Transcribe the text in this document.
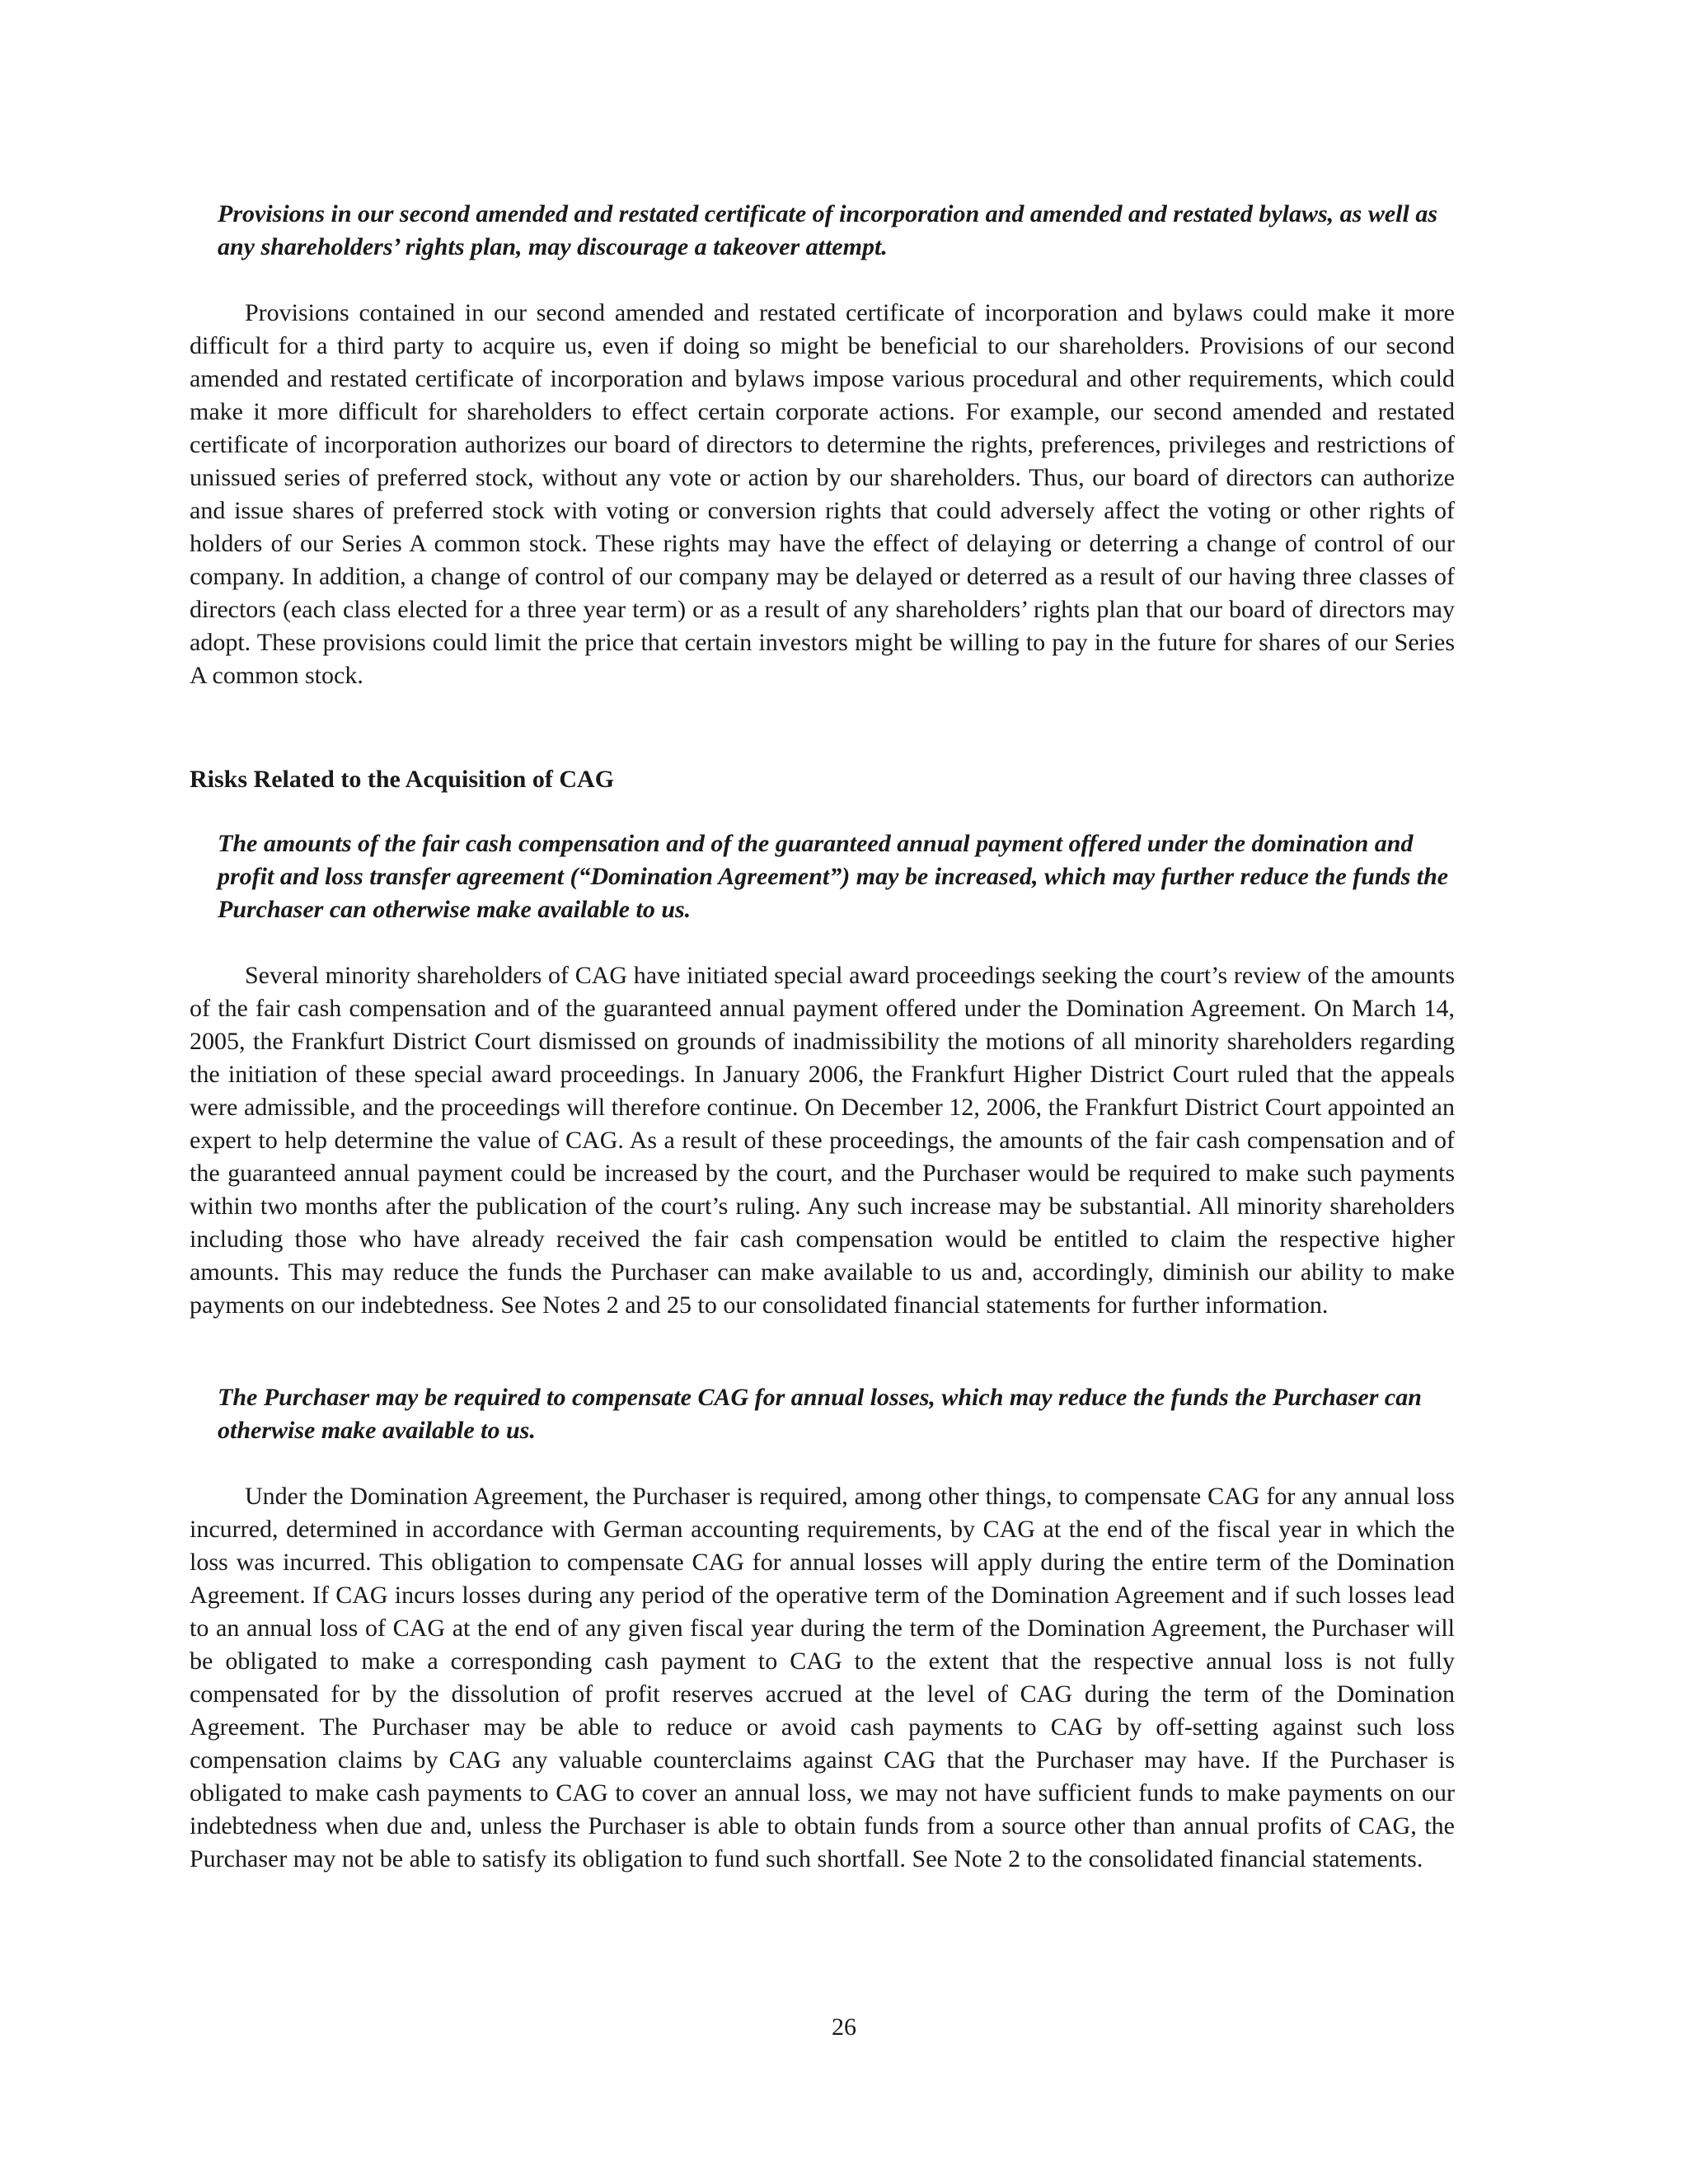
Provisions in our second amended and restated certificate of incorporation and amended and restated bylaws, as well as any shareholders’ rights plan, may discourage a takeover attempt.

Provisions contained in our second amended and restated certificate of incorporation and bylaws could make it more difficult for a third party to acquire us, even if doing so might be beneficial to our shareholders. Provisions of our second amended and restated certificate of incorporation and bylaws impose various procedural and other requirements, which could make it more difficult for shareholders to effect certain corporate actions. For example, our second amended and restated certificate of incorporation authorizes our board of directors to determine the rights, preferences, privileges and restrictions of unissued series of preferred stock, without any vote or action by our shareholders. Thus, our board of directors can authorize and issue shares of preferred stock with voting or conversion rights that could adversely affect the voting or other rights of holders of our Series A common stock. These rights may have the effect of delaying or deterring a change of control of our company. In addition, a change of control of our company may be delayed or deterred as a result of our having three classes of directors (each class elected for a three year term) or as a result of any shareholders’ rights plan that our board of directors may adopt. These provisions could limit the price that certain investors might be willing to pay in the future for shares of our Series A common stock.

Risks Related to the Acquisition of CAG

The amounts of the fair cash compensation and of the guaranteed annual payment offered under the domination and profit and loss transfer agreement (“Domination Agreement”) may be increased, which may further reduce the funds the Purchaser can otherwise make available to us.

Several minority shareholders of CAG have initiated special award proceedings seeking the court’s review of the amounts of the fair cash compensation and of the guaranteed annual payment offered under the Domination Agreement. On March 14, 2005, the Frankfurt District Court dismissed on grounds of inadmissibility the motions of all minority shareholders regarding the initiation of these special award proceedings. In January 2006, the Frankfurt Higher District Court ruled that the appeals were admissible, and the proceedings will therefore continue. On December 12, 2006, the Frankfurt District Court appointed an expert to help determine the value of CAG. As a result of these proceedings, the amounts of the fair cash compensation and of the guaranteed annual payment could be increased by the court, and the Purchaser would be required to make such payments within two months after the publication of the court’s ruling. Any such increase may be substantial. All minority shareholders including those who have already received the fair cash compensation would be entitled to claim the respective higher amounts. This may reduce the funds the Purchaser can make available to us and, accordingly, diminish our ability to make payments on our indebtedness. See Notes 2 and 25 to our consolidated financial statements for further information.

The Purchaser may be required to compensate CAG for annual losses, which may reduce the funds the Purchaser can otherwise make available to us.

Under the Domination Agreement, the Purchaser is required, among other things, to compensate CAG for any annual loss incurred, determined in accordance with German accounting requirements, by CAG at the end of the fiscal year in which the loss was incurred. This obligation to compensate CAG for annual losses will apply during the entire term of the Domination Agreement. If CAG incurs losses during any period of the operative term of the Domination Agreement and if such losses lead to an annual loss of CAG at the end of any given fiscal year during the term of the Domination Agreement, the Purchaser will be obligated to make a corresponding cash payment to CAG to the extent that the respective annual loss is not fully compensated for by the dissolution of profit reserves accrued at the level of CAG during the term of the Domination Agreement. The Purchaser may be able to reduce or avoid cash payments to CAG by off-setting against such loss compensation claims by CAG any valuable counterclaims against CAG that the Purchaser may have. If the Purchaser is obligated to make cash payments to CAG to cover an annual loss, we may not have sufficient funds to make payments on our indebtedness when due and, unless the Purchaser is able to obtain funds from a source other than annual profits of CAG, the Purchaser may not be able to satisfy its obligation to fund such shortfall. See Note 2 to the consolidated financial statements.

26
